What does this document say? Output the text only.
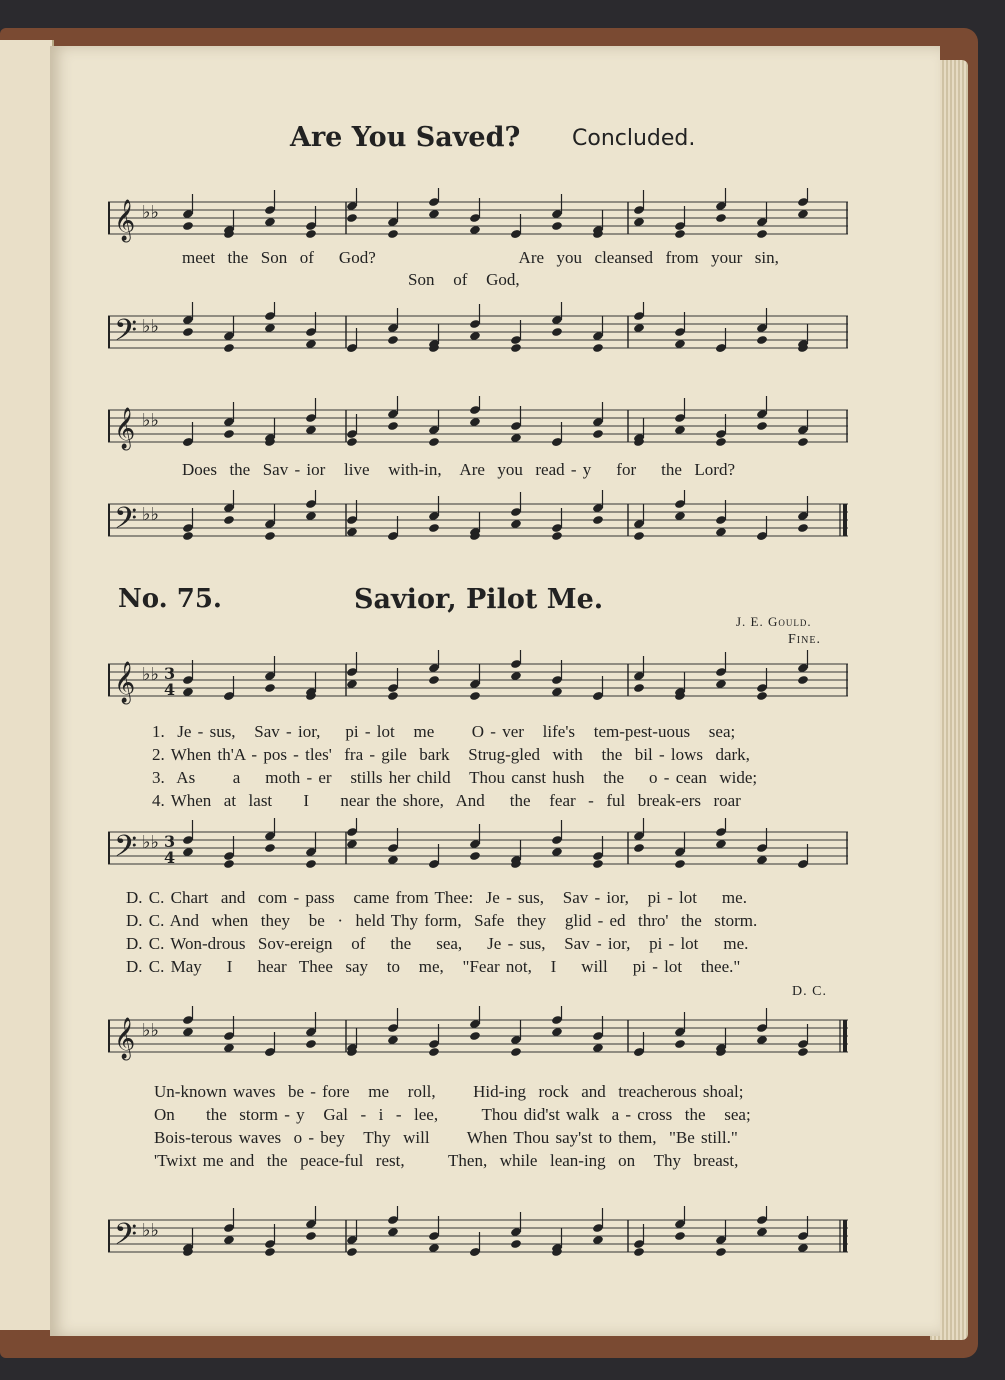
Are You Saved? Concluded.
𝄞 ♭♭
meet  the  Son  of    God?                       Are  you  cleansed  from  your  sin,
Son   of   God,
𝄢 ♭♭
𝄞 ♭♭
Does  the  Sav - ior   live   with-in,   Are  you  read - y    for    the  Lord?
𝄢 ♭♭
No. 75.	Savior, Pilot Me.
J. E. Gould.
Fine.
𝄞 ♭♭ 3
4
1.  Je - sus,   Sav - ior,    pi - lot   me      O - ver   life's   tem-pest-uous   sea;
2. When th'A - pos - tles'  fra - gile  bark   Strug-gled  with   the  bil - lows  dark,
3.  As      a    moth - er   stills her child   Thou canst hush   the    o - cean  wide;
4. When  at  last     I     near the shore,  And    the   fear  -  ful  break-ers  roar
𝄢 ♭♭ 3
4
D. C. Chart  and  com - pass   came from Thee:  Je - sus,   Sav - ior,   pi - lot    me.
D. C. And  when  they   be  ·  held Thy form,  Safe  they   glid - ed  thro'  the  storm.
D. C. Won-drous  Sov-ereign   of    the    sea,    Je - sus,   Sav - ior,   pi - lot    me.
D. C. May    I    hear  Thee  say   to   me,   "Fear not,   I    will    pi - lot   thee."
D. C.
𝄞 ♭♭
Un-known waves  be - fore   me   roll,      Hid-ing  rock  and  treacherous shoal;
On     the  storm - y   Gal  -  i  -  lee,       Thou did'st walk  a - cross  the   sea;
Bois-terous waves  o - bey   Thy  will      When Thou say'st to them,  "Be still."
'Twixt me and  the  peace-ful  rest,       Then,  while  lean-ing  on   Thy  breast,
𝄢 ♭♭
